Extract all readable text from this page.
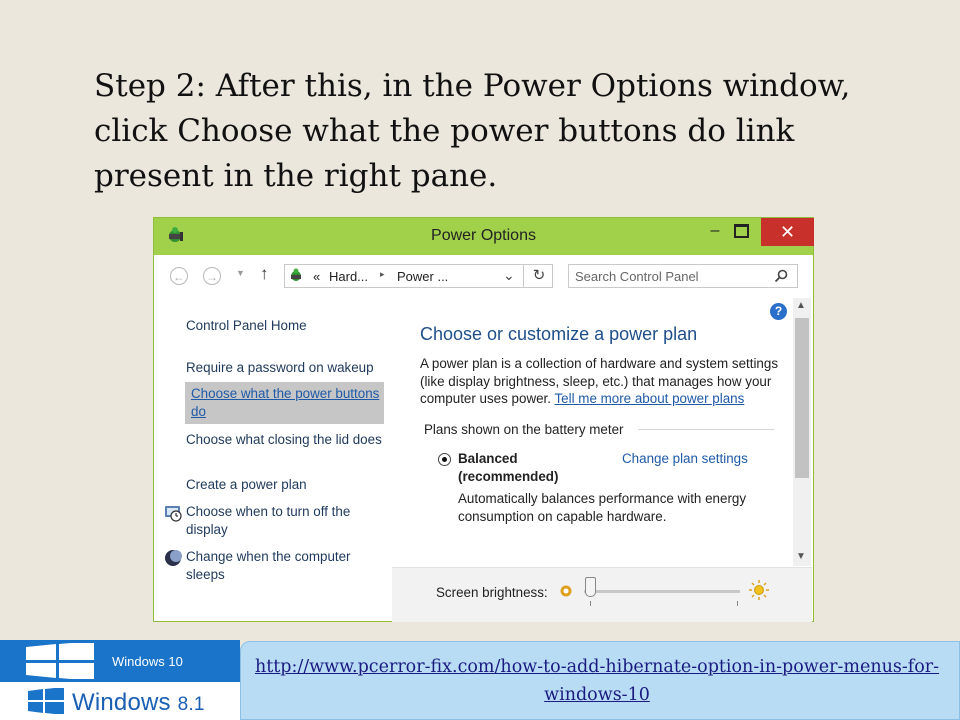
Step 2: After this, in the Power Options window, click Choose what the power buttons do link present in the right pane.

Power Options	–	✕
← →	▼ ↑	« Hard... ▸ Power ...	⌄	↻
Search Control Panel
Control Panel Home
Require a password on wakeup
Choose what the power buttons do
Choose what closing the lid does
Create a power plan
Choose when to turn off the display
Change when the computer sleeps
?
Choose or customize a power plan
A power plan is a collection of hardware and system settings (like display brightness, sleep, etc.) that manages how your computer uses power. Tell me more about power plans
Plans shown on the battery meter
Balanced (recommended)
Change plan settings
Automatically balances performance with energy consumption on capable hardware.
▲
▼
Screen brightness:
Windows 10
Windows 8.1
http://www.pcerror-fix.com/how-to-add-hibernate-option-in-power-menus-for-windows-10
